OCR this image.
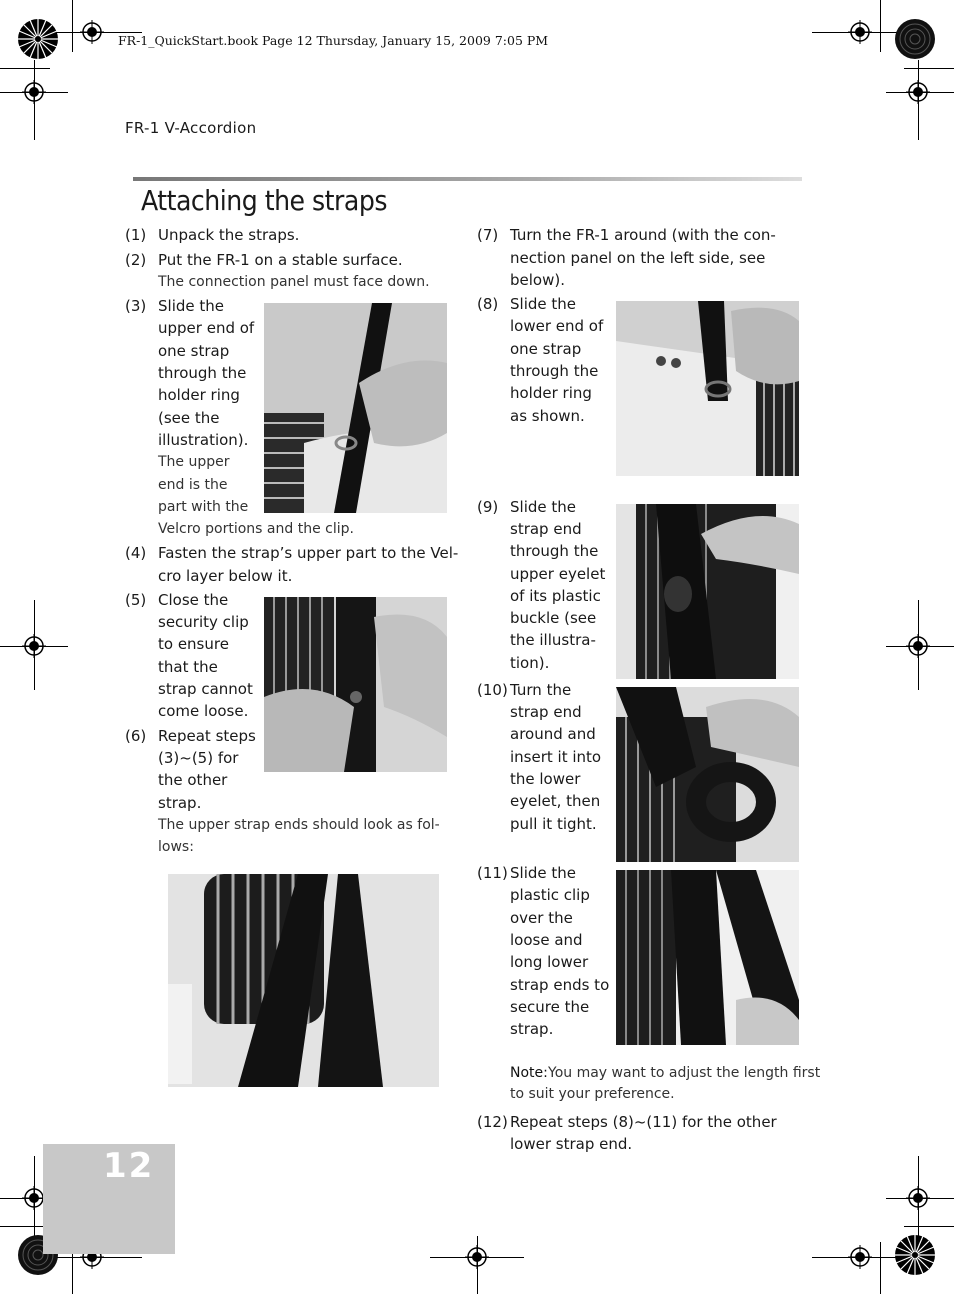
FR-1_QuickStart.book Page 12 Thursday, January 15, 2009 7:05 PM
FR-1 V-Accordion
Attaching the straps
(1) Unpack the straps.
(2) Put the FR-1 on a stable surface.
The connection panel must face down.
(3) Slide the
upper end of
one strap
through the
holder ring
(see the
illustration).
The upper
end is the
part with the
Velcro portions and the clip.
(4) Fasten the strap’s upper part to the Vel-
cro layer below it.
(5) Close the
security clip
to ensure
that the
strap cannot
come loose.
(6) Repeat steps
(3)~(5) for
the other
strap.
The upper strap ends should look as fol-
lows:
(7) Turn the FR-1 around (with the con-
nection panel on the left side, see
below).
(8) Slide the
lower end of
one strap
through the
holder ring
as shown.
(9) Slide the
strap end
through the
upper eyelet
of its plastic
buckle (see
the illustra-
tion).
(10) Turn the
strap end
around and
insert it into
the lower
eyelet, then
pull it tight.
(11) Slide the
plastic clip
over the
loose and
long lower
strap ends to
secure the
strap.
Note: You may want to adjust the length first
to suit your preference.
(12) Repeat steps (8)~(11) for the other
lower strap end.
12
